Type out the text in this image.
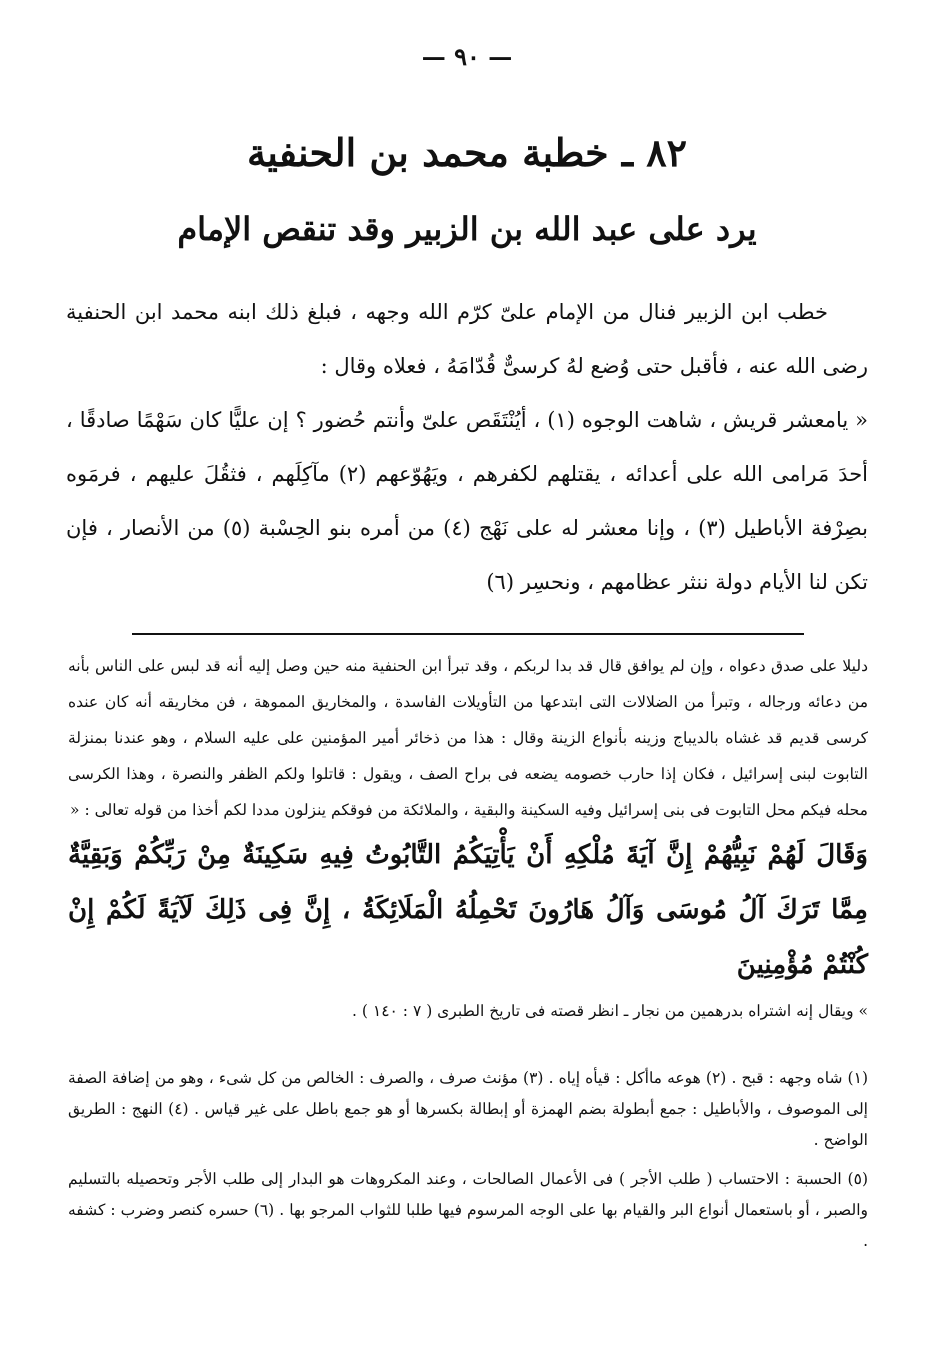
— ٩٠ —
٨٢ ـ خطبة محمد بن الحنفية
يرد على عبد الله بن الزبير وقد تنقص الإمام

خطب ابن الزبير فنال من الإمام علىّ كرّم الله وجهه ، فبلغ ذلك ابنه محمد ابن الحنفية رضى الله عنه ، فأقبل حتى وُضع لهُ كرسىٌّ قُدّامَهُ ، فعلاه وقال :

« يامعشر قريش ، شاهت الوجوه (١) ، أيُنْتَقَص علىّ وأنتم حُضور ؟ إن عليًّا كان سَهْمًا صادقًا ، أحدَ مَرامى الله على أعدائه ، يقتلهم لكفرهم ، ويَهُوّعهم (٢) مآكِلَهم ، فثقُلَ عليهم ، فرمَوه بصِرْفة الأباطيل (٣) ، وإنا معشر له على نَهْج (٤) من أمره بنو الحِسْبة (٥) من الأنصار ، فإن تكن لنا الأيام دولة ننثر عظامهم ، ونحسِر (٦)

دليلا على صدق دعواه ، وإن لم يوافق قال قد بدا لربكم ، وقد تبرأ ابن الحنفية منه حين وصل إليه أنه قد لبس على الناس بأنه من دعائه ورجاله ، وتبرأ من الضلالات التى ابتدعها من التأويلات الفاسدة ، والمخاريق المموهة ، فن مخاريقه أنه كان عنده كرسى قديم قد غشاه بالديباج وزينه بأنواع الزينة وقال : هذا من ذخائر أمير المؤمنين على عليه السلام ، وهو عندنا بمنزلة التابوت لبنى إسرائيل ، فكان إذا حارب خصومه يضعه فى براح الصف ، ويقول : قاتلوا ولكم الظفر والنصرة ، وهذا الكرسى محله فيكم محل التابوت فى بنى إسرائيل وفيه السكينة والبقية ، والملائكة من فوقكم ينزلون مددا لكم أخذا من قوله تعالى : «

وَقَالَ لَهُمْ نَبِيُّهُمْ إِنَّ آيَةَ مُلْكِهِ أَنْ يَأْتِيَكُمُ التَّابُوتُ فِيهِ سَكِينَةٌ مِنْ رَبِّكُمْ وَبَقِيَّةٌ مِمَّا تَرَكَ آلُ مُوسَى وَآلُ هَارُونَ تَحْمِلُهُ الْمَلَائِكَةُ ، إِنَّ فِى ذَلِكَ لَآيَةً لَكُمْ إِنْ كُنْتُمْ مُؤْمِنِينَ

» ويقال إنه اشتراه بدرهمين من نجار ـ انظر قصته فى تاريخ الطبرى ( ٧ : ١٤٠ ) .

(١) شاه وجهه : قبح . (٢) هوعه ماأكل : قيأه إياه . (٣) مؤنث صرف ، والصرف : الخالص من كل شىء ، وهو من إضافة الصفة إلى الموصوف ، والأباطيل : جمع أبطولة بضم الهمزة أو إبطالة بكسرها أو هو جمع باطل على غير قياس . (٤) النهج : الطريق الواضح .

(٥) الحسبة : الاحتساب ( طلب الأجر ) فى الأعمال الصالحات ، وعند المكروهات هو البدار إلى طلب الأجر وتحصيله بالتسليم والصبر ، أو باستعمال أنواع البر والقيام بها على الوجه المرسوم فيها طلبا للثواب المرجو بها . (٦) حسره كنصر وضرب : كشفه .
